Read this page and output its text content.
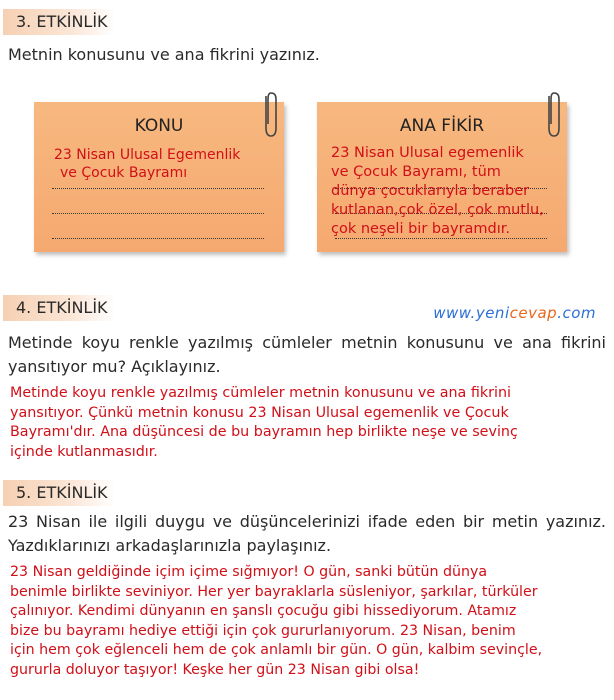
3. ETKİNLİK
Metnin konusunu ve ana fikrini yazınız.
KONU
23 Nisan Ulusal Egemenlik
ve Çocuk Bayramı
ANA FİKİR
23 Nisan Ulusal egemenlik
ve Çocuk Bayramı, tüm
dünya çocuklarıyla beraber
kutlanan,çok özel, çok mutlu,
çok neşeli bir bayramdır.
4. ETKİNLİK	www.yenicevap.com
Metinde koyu renkle yazılmış cümleler metnin konusunu ve ana fikrini yansıtıyor mu? Açıklayınız.
Metinde koyu renkle yazılmış cümleler metnin konusunu ve ana fikrini
yansıtıyor. Çünkü metnin konusu 23 Nisan Ulusal egemenlik ve Çocuk
Bayramı'dır. Ana düşüncesi de bu bayramın hep birlikte neşe ve sevinç
içinde kutlanmasıdır.
5. ETKİNLİK
23 Nisan ile ilgili duygu ve düşüncelerinizi ifade eden bir metin yazınız. Yazdıklarınızı arkadaşlarınızla paylaşınız.
23 Nisan geldiğinde içim içime sığmıyor! O gün, sanki bütün dünya
benimle birlikte seviniyor. Her yer bayraklarla süsleniyor, şarkılar, türküler
çalınıyor. Kendimi dünyanın en şanslı çocuğu gibi hissediyorum. Atamız
bize bu bayramı hediye ettiği için çok gururlanıyorum. 23 Nisan, benim
için hem çok eğlenceli hem de çok anlamlı bir gün. O gün, kalbim sevinçle,
gururla doluyor taşıyor! Keşke her gün 23 Nisan gibi olsa!
